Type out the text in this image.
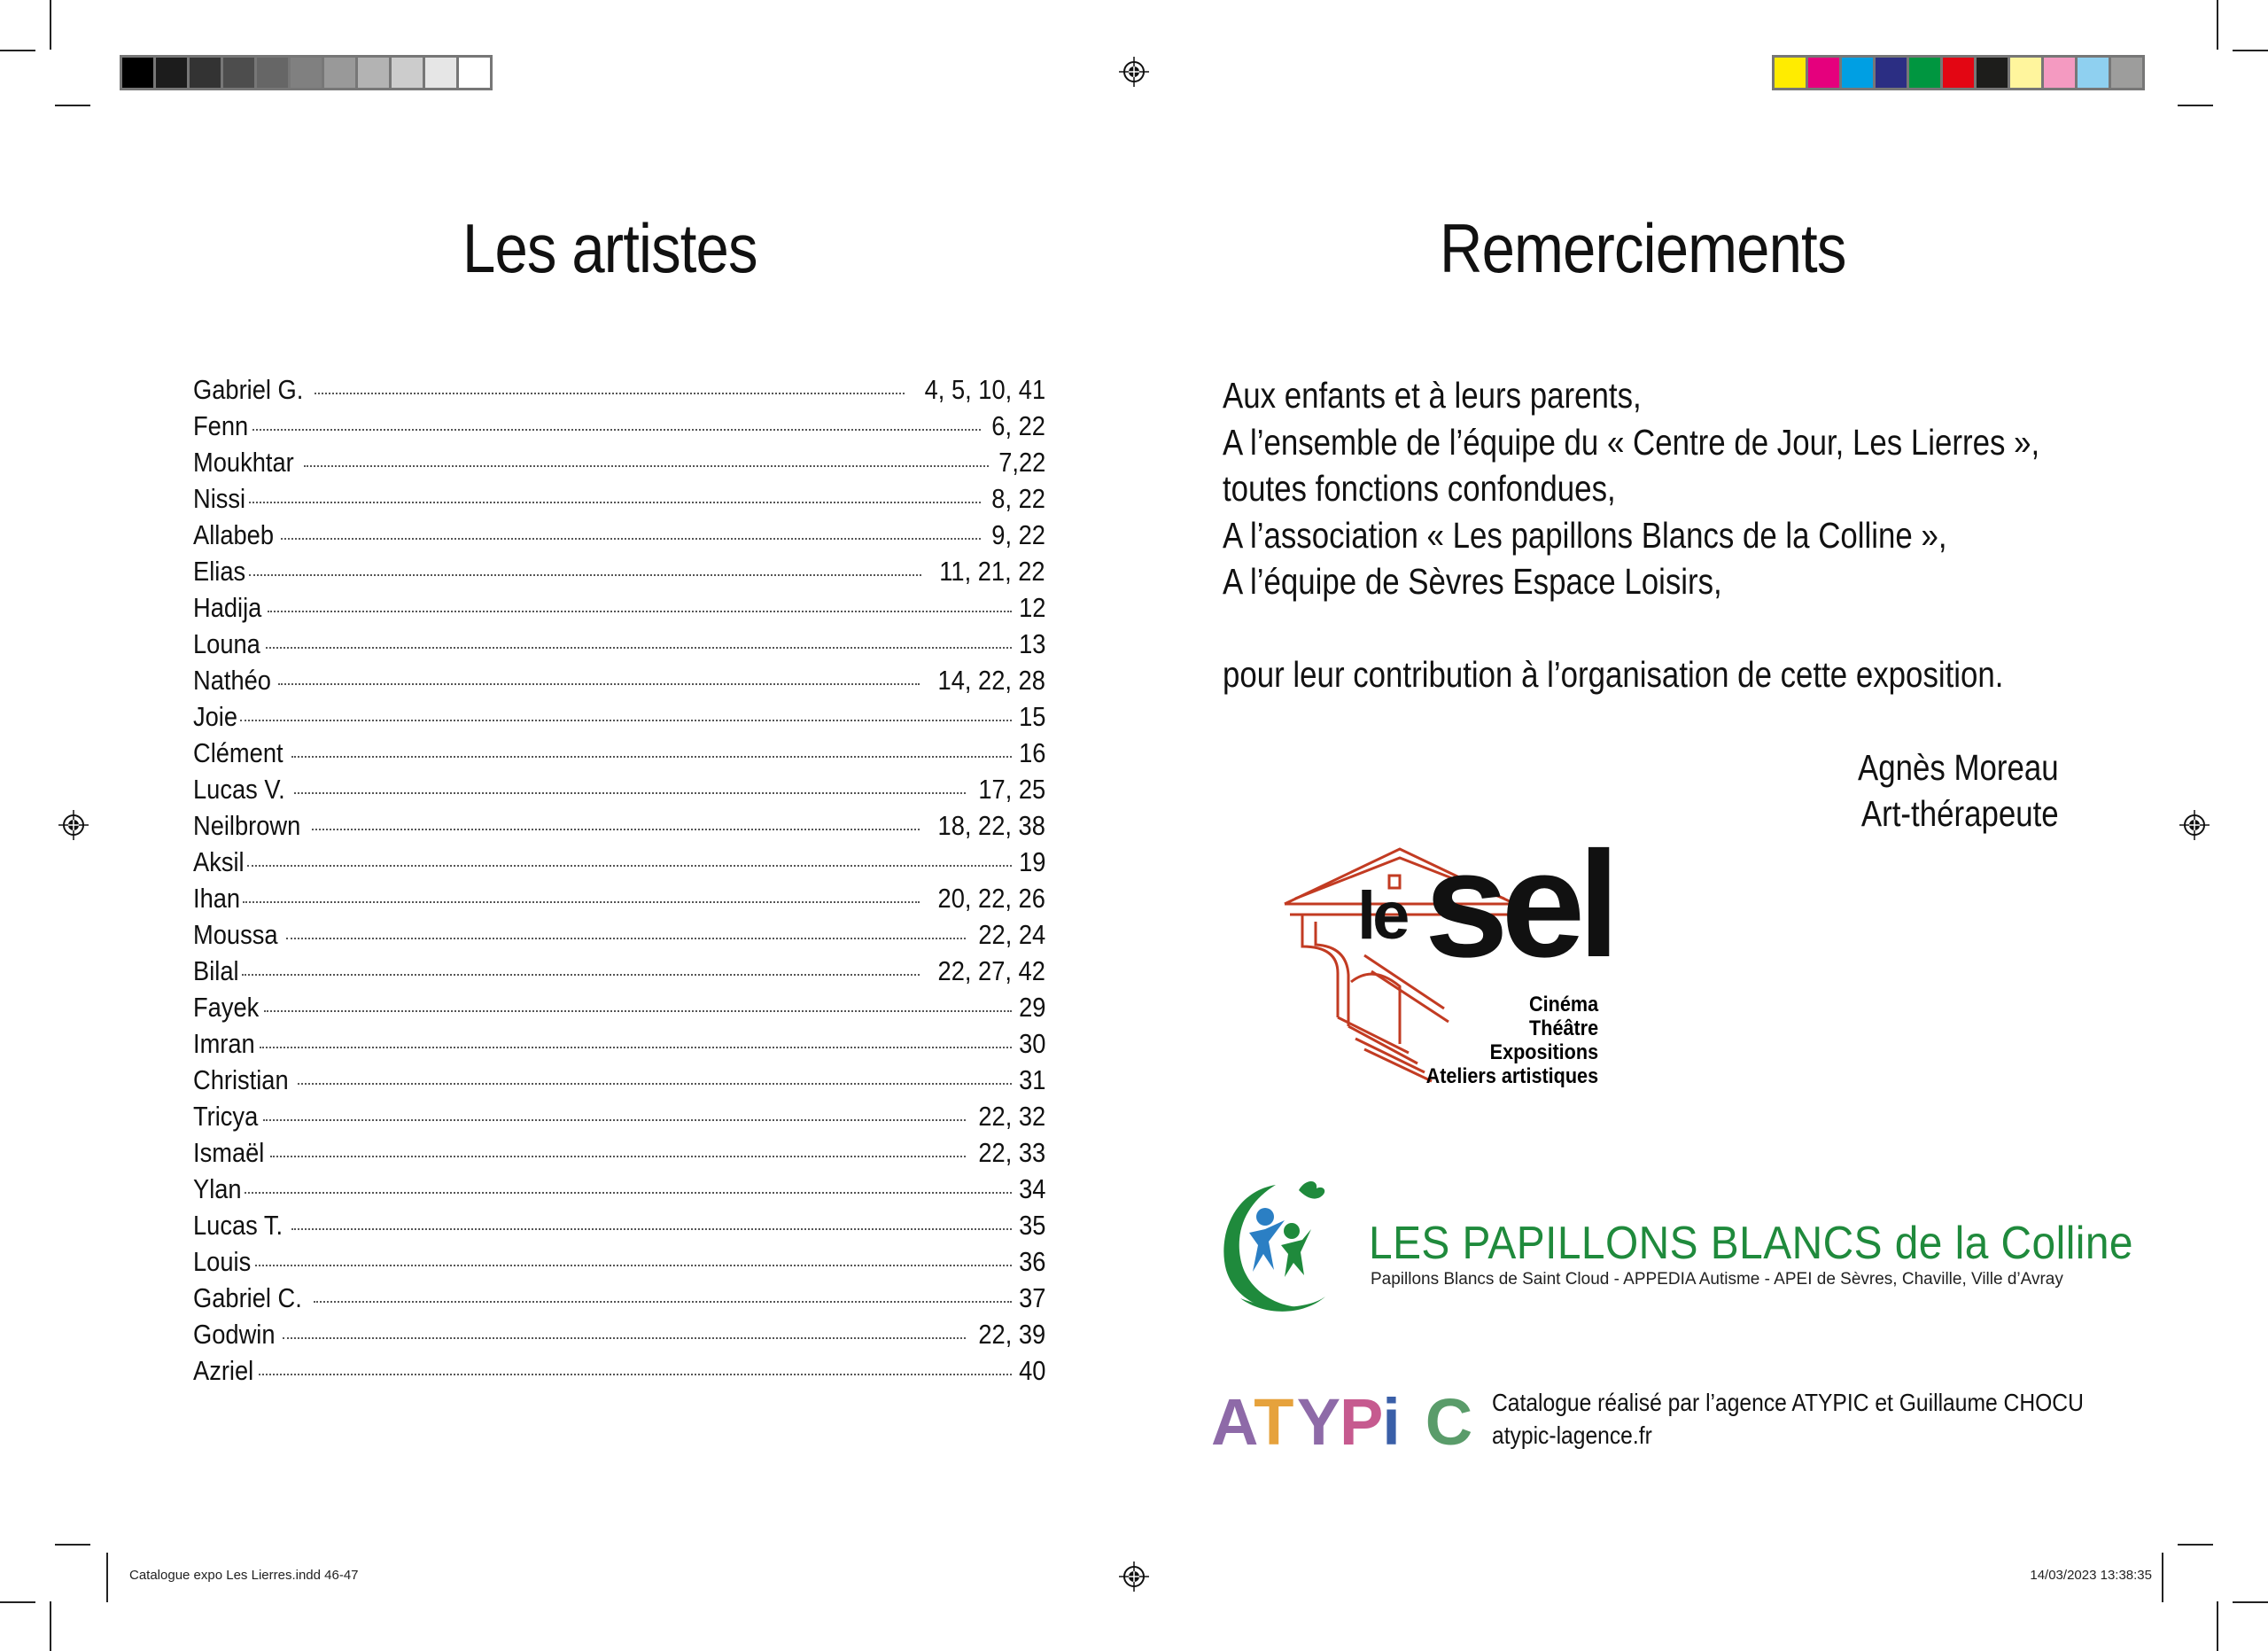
Les artistes
Gabriel G.	4, 5, 10, 41
Fenn	6, 22
Moukhtar	7,22
Nissi	8, 22
Allabeb	9, 22
Elias	11, 21, 22
Hadija	12
Louna	13
Nathéo	14, 22, 28
Joie	15
Clément	16
Lucas V.	17, 25
Neilbrown	18, 22, 38
Aksil	19
Ihan	20, 22, 26
Moussa	22, 24
Bilal	22, 27, 42
Fayek	29
Imran	30
Christian	31
Tricya	22, 32
Ismaël	22, 33
Ylan	34
Lucas T.	35
Louis	36
Gabriel C.	37
Godwin	22, 39
Azriel	40
Remerciements
Aux enfants et à leurs parents,
A l’ensemble de l’équipe du « Centre de Jour, Les Lierres »,
toutes fonctions confondues,
A l’association « Les papillons Blancs de la Colline »,
A l’équipe de Sèvres Espace Loisirs,
pour leur contribution à l’organisation de cette exposition.
Agnès Moreau
Art-thérapeute
le sel
Cinéma
Théâtre
Expositions
Ateliers artistiques
LES PAPILLONS BLANCS de la Colline
Papillons Blancs de Saint Cloud - APPEDIA Autisme - APEI de Sèvres, Chaville, Ville d’Avray
A
T Y
P
i C Catalogue réalisé par l’agence ATYPIC et Guillaume CHOCU
atypic-lagence.fr
Catalogue expo Les Lierres.indd 46-47	14/03/2023 13:38:35
